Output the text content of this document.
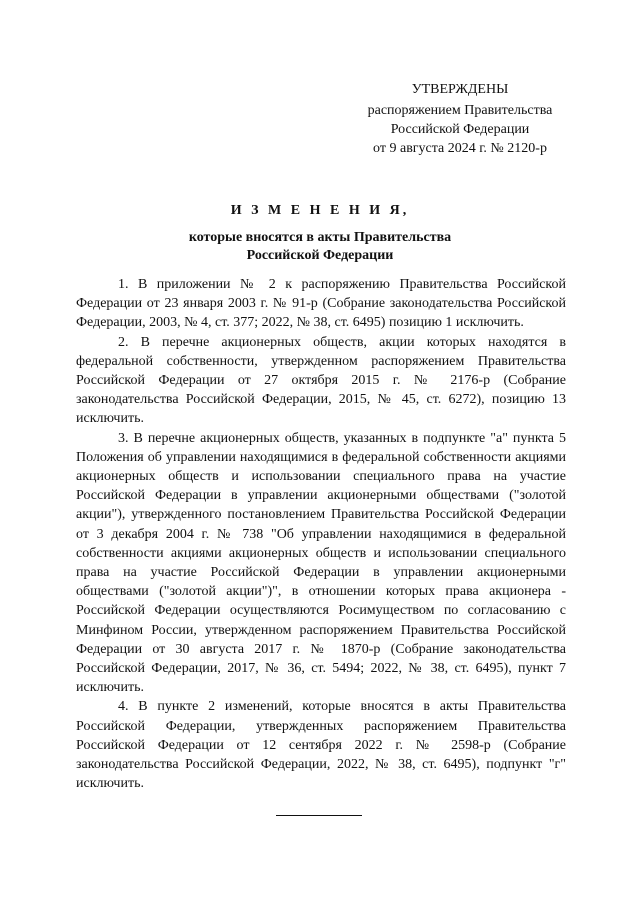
УТВЕРЖДЕНЫ
распоряжением Правительства
Российской Федерации
от 9 августа 2024 г. № 2120-р
И З М Е Н Е Н И Я,
которые вносятся в акты Правительства
Российской Федерации

1. В приложении № 2 к распоряжению Правительства Российской Федерации от 23 января 2003 г. № 91-р (Собрание законодательства Российской Федерации, 2003, № 4, ст. 377; 2022, № 38, ст. 6495) позицию 1 исключить.

2. В перечне акционерных обществ, акции которых находятся в федеральной собственности, утвержденном распоряжением Правительства Российской Федерации от 27 октября 2015 г. № 2176-р (Собрание законодательства Российской Федерации, 2015, № 45, ст. 6272), позицию 13 исключить.

3. В перечне акционерных обществ, указанных в подпункте "а" пункта 5 Положения об управлении находящимися в федеральной собственности акциями акционерных обществ и использовании специального права на участие Российской Федерации в управлении акционерными обществами ("золотой акции"), утвержденного постановлением Правительства Российской Федерации от 3 декабря 2004 г. № 738 "Об управлении находящимися в федеральной собственности акциями акционерных обществ и использовании специального права на участие Российской Федерации в управлении акционерными обществами ("золотой акции")", в отношении которых права акционера - Российской Федерации осуществляются Росимуществом по согласованию с Минфином России, утвержденном распоряжением Правительства Российской Федерации от 30 августа 2017 г. № 1870-р (Собрание законодательства Российской Федерации, 2017, № 36, ст. 5494; 2022, № 38, ст. 6495), пункт 7 исключить.

4. В пункте 2 изменений, которые вносятся в акты Правительства Российской Федерации, утвержденных распоряжением Правительства Российской Федерации от 12 сентября 2022 г. № 2598-р (Собрание законодательства Российской Федерации, 2022, № 38, ст. 6495), подпункт "г" исключить.
